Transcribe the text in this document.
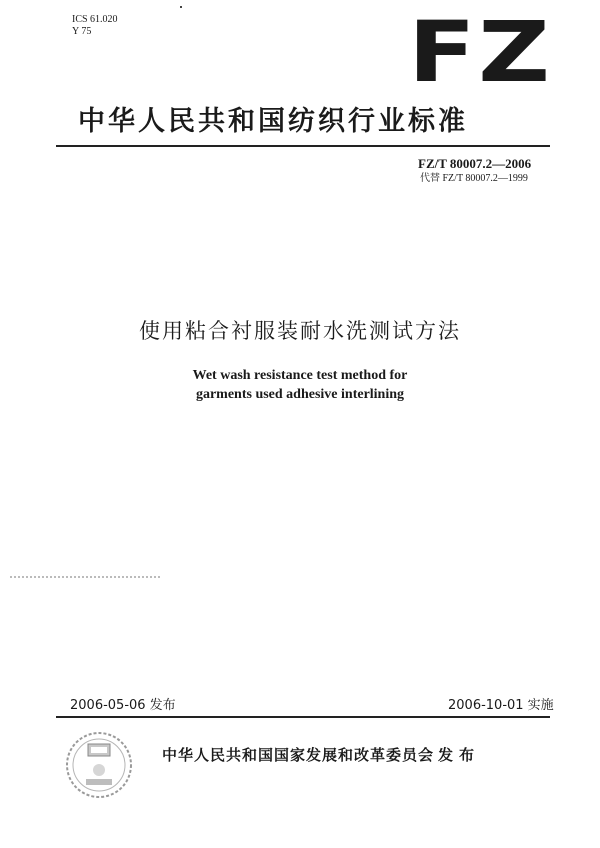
ICS 61.020
Y 75	FZ
中华人民共和国纺织行业标准
FZ/T 80007.2—2006
代替 FZ/T 80007.2—1999
使用粘合衬服装耐水洗测试方法
Wet wash resistance test method for
garments used adhesive interlining
2006-05-06 发布	2006-10-01 实施
中华人民共和国国家发展和改革委员会 发布
